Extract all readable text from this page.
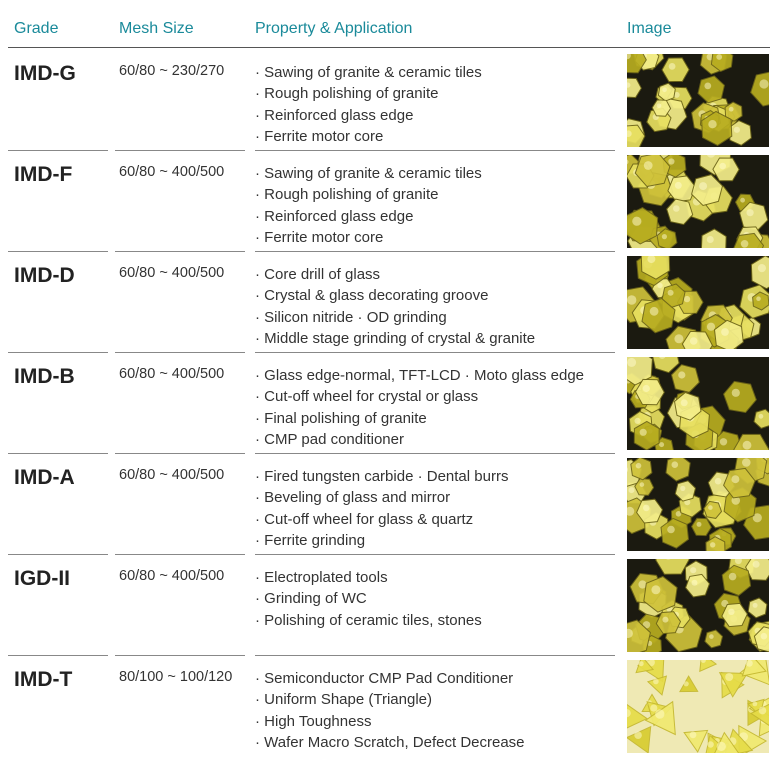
Grade	Mesh Size	Property & Application	Image
IMD-G	60/80 ~ 230/270 · Sawing of granite & ceramic tiles
· Rough polishing of granite
· Reinforced glass edge
· Ferrite motor core
IMD-F	60/80 ~ 400/500 · Sawing of granite & ceramic tiles
· Rough polishing of granite
· Reinforced glass edge
· Ferrite motor core
IMD-D	60/80 ~ 400/500 · Core drill of glass
· Crystal & glass decorating groove
· Silicon nitride · OD grinding
· Middle stage grinding of crystal & granite
IMD-B	60/80 ~ 400/500 · Glass edge-normal, TFT-LCD · Moto glass edge
· Cut-off wheel for crystal or glass
· Final polishing of granite
· CMP pad conditioner
IMD-A	60/80 ~ 400/500 · Fired tungsten carbide · Dental burrs
· Beveling of glass and mirror
· Cut-off wheel for glass & quartz
· Ferrite grinding
IGD-II	60/80 ~ 400/500 · Electroplated tools
· Grinding of WC
· Polishing of ceramic tiles, stones
IMD-T	80/100 ~ 100/120 · Semiconductor CMP Pad Conditioner
· Uniform Shape (Triangle)
· High Toughness
· Wafer Macro Scratch, Defect Decrease
